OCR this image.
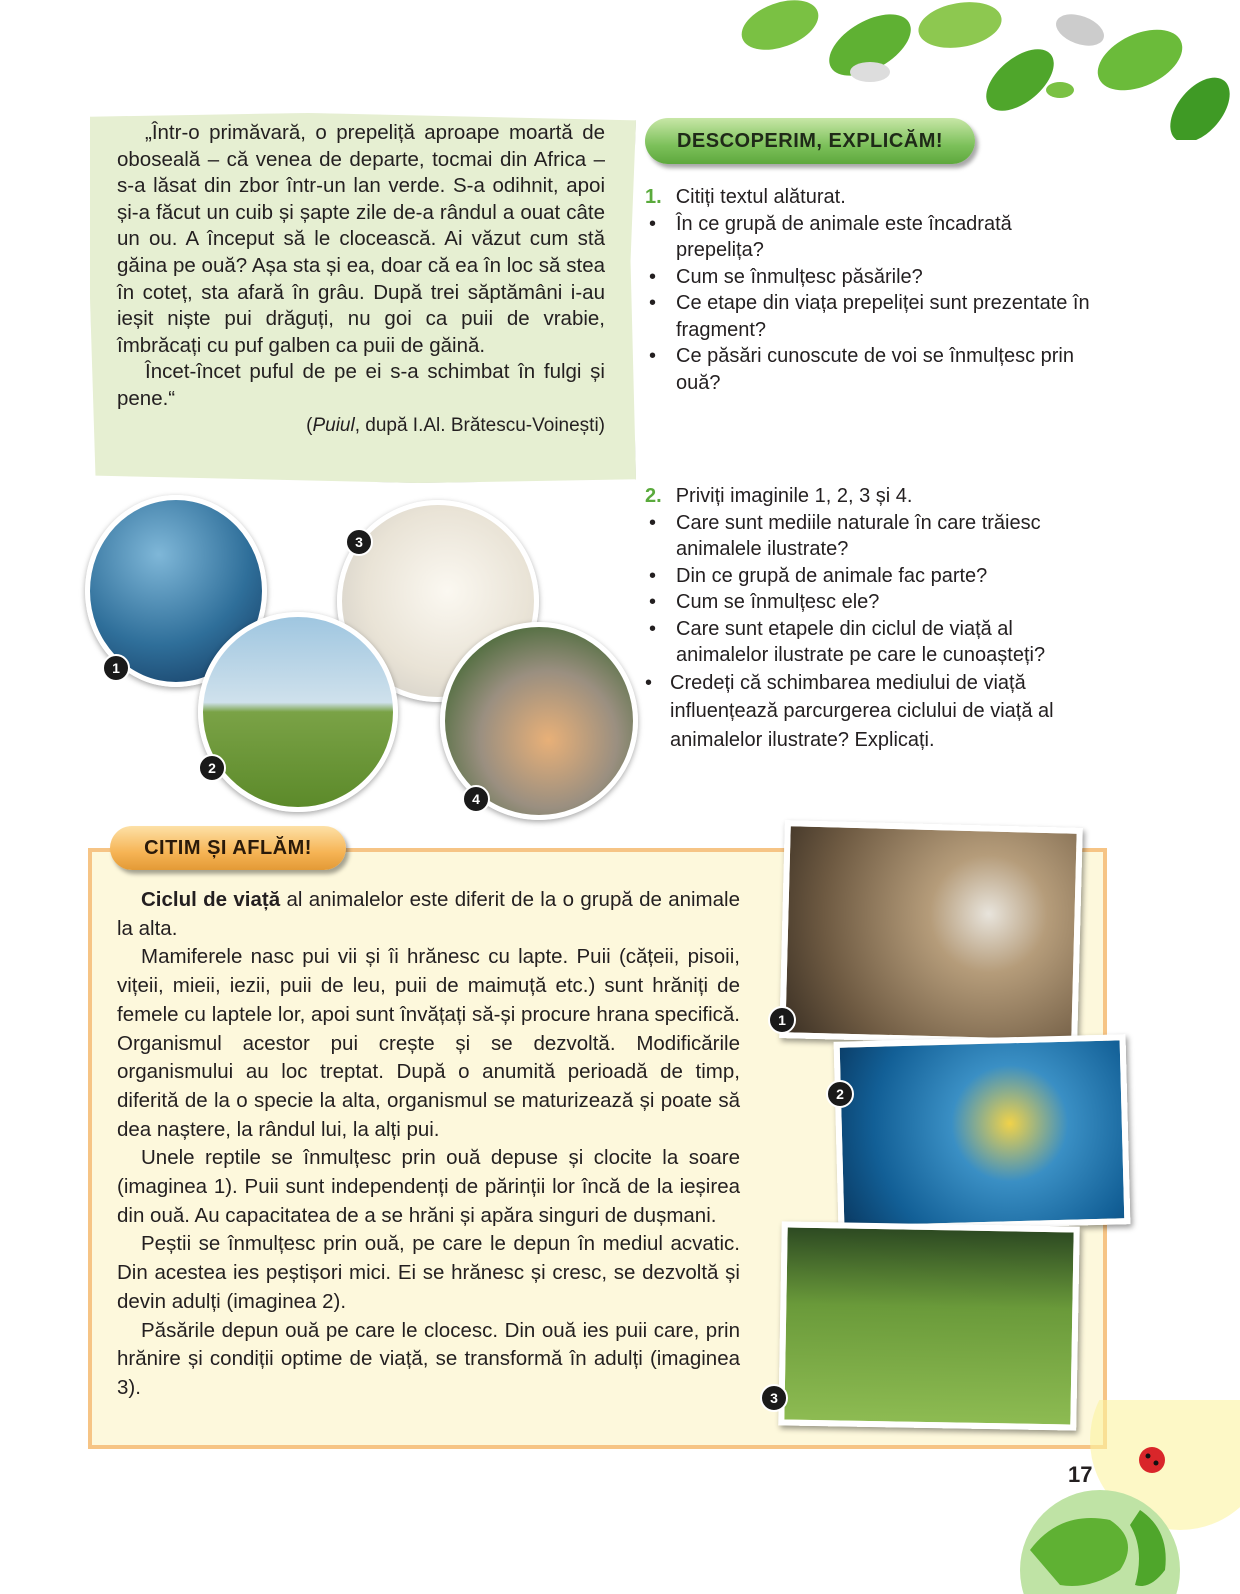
„Într-o primăvară, o prepeliță aproape moartă de oboseală – că venea de departe, tocmai din Africa – s-a lăsat din zbor într-un lan verde. S-a odihnit, apoi și-a făcut un cuib și șapte zile de-a rândul a ouat câte un ou. A început să le clocească. Ai văzut cum stă găina pe ouă? Așa sta și ea, doar că ea în loc să stea în coteț, sta afară în grâu. După trei săptămâni i-au ieșit niște pui drăguți, nu goi ca puii de vrabie, îmbrăcați cu puf galben ca puii de găină.

Încet-încet puful de pe ei s-a schimbat în fulgi și pene.“

(Puiul, după I.Al. Brătescu-Voinești)

DESCOPERIM, EXPLICĂM!
1. Citiți textul alăturat.
• În ce grupă de animale este încadrată prepelița?
• Cum se înmulțesc păsările?
• Ce etape din viața prepeliței sunt prezentate în fragment?
• Ce păsări cunoscute de voi se înmulțesc prin ouă?
2. Priviți imaginile 1, 2, 3 și 4.
• Care sunt mediile naturale în care trăiesc animalele ilustrate?
• Din ce grupă de animale fac parte?
• Cum se înmulțesc ele?
• Care sunt etapele din ciclul de viață al animalelor ilustrate pe care le cunoașteți?
• Credeți că schimbarea mediului de viață influențează parcurgerea ciclului de viață al animalelor ilustrate? Explicați.
1
2
3
4
CITIM ȘI AFLĂM!

Ciclul de viață al animalelor este diferit de la o grupă de animale la alta.

Mamiferele nasc pui vii și îi hrănesc cu lapte. Puii (cățeii, pisoii, vițeii, mieii, iezii, puii de leu, puii de maimuță etc.) sunt hrăniți de femele cu laptele lor, apoi sunt învățați să-și procure hrana specifică. Organismul acestor pui crește și se dezvoltă. Modificările organismului au loc treptat. După o anumită perioadă de timp, diferită de la o specie la alta, organismul se maturizează și poate să dea naștere, la rândul lui, la alți pui.

Unele reptile se înmulțesc prin ouă depuse și clocite la soare (imaginea 1). Puii sunt independenți de părinții lor încă de la ieșirea din ouă. Au capacitatea de a se hrăni și apăra singuri de dușmani.

Peștii se înmulțesc prin ouă, pe care le depun în mediul acvatic. Din acestea ies peștișori mici. Ei se hrănesc și cresc, se dezvoltă și devin adulți (imaginea 2).

Păsările depun ouă pe care le clocesc. Din ouă ies puii care, prin hrănire și condiții optime de viață, se transformă în adulți (imaginea 3).

1
2
3
17
